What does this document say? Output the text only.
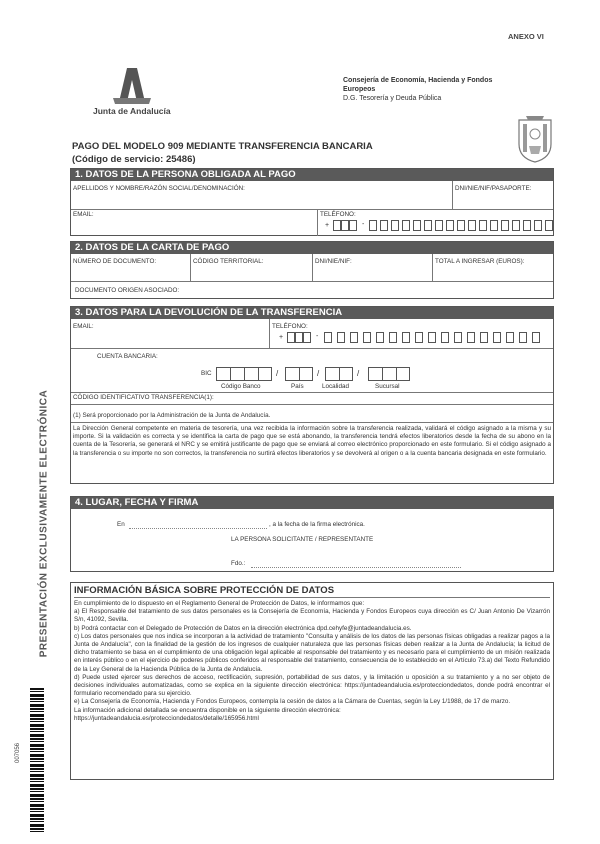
ANEXO VI
Junta de Andalucía
Consejería de Economía, Hacienda y Fondos
Europeos
D.G. Tesorería y Deuda Pública
PAGO DEL MODELO 909 MEDIANTE TRANSFERENCIA BANCARIA
(Código de servicio: 25486)
1. DATOS DE LA PERSONA OBLIGADA AL PAGO
APELLIDOS Y NOMBRE/RAZÓN SOCIAL/DENOMINACIÓN:	DNI/NIE/NIF/PASAPORTE:
EMAIL:	TELÉFONO:
+	-
2. DATOS DE LA CARTA DE PAGO
NÚMERO DE DOCUMENTO:	CÓDIGO TERRITORIAL:	DNI/NIE/NIF:	TOTAL A INGRESAR (EUROS):
DOCUMENTO ORIGEN ASOCIADO:
3. DATOS PARA LA DEVOLUCIÓN DE LA TRANSFERENCIA
EMAIL:	TELÉFONO:
+	-
CUENTA BANCARIA:
BIC	/	/	/
Código Banco	País	Localidad	Sucursal
CÓDIGO IDENTIFICATIVO TRANSFERENCIA(1):
(1) Será proporcionado por la Administración de la Junta de Andalucía.
La Dirección General competente en materia de tesorería, una vez recibida la información sobre la transferencia realizada, validará el código asignado a la misma y su importe. Si la validación es correcta y se identifica la carta de pago que se está abonando, la transferencia tendrá efectos liberatorios desde la fecha de su abono en la cuenta de la Tesorería, se generará el NRC y se emitirá justificante de pago que se enviará al correo electrónico proporcionado en este formulario. Si el código asignado a la transferencia o su importe no son correctos, la transferencia no surtirá efectos liberatorios y se devolverá al origen o a la cuenta bancaria designada en este formulario.
4. LUGAR, FECHA Y FIRMA
En	, a la fecha de la firma electrónica.
LA PERSONA SOLICITANTE / REPRESENTANTE
Fdo.:
INFORMACIÓN BÁSICA SOBRE PROTECCIÓN DE DATOS
En cumplimiento de lo dispuesto en el Reglamento General de Protección de Datos, le informamos que:
a) El Responsable del tratamiento de sus datos personales es la Consejería de Economía, Hacienda y Fondos Europeos cuya dirección es C/ Juan Antonio De Vizarrón S/n, 41092, Sevilla.
b) Podrá contactar con el Delegado de Protección de Datos en la dirección electrónica dpd.cehyfe@juntadeandalucia.es.
c) Los datos personales que nos indica se incorporan a la actividad de tratamiento "Consulta y análisis de los datos de las personas físicas obligadas a realizar pagos a la Junta de Andalucía", con la finalidad de la gestión de los ingresos de cualquier naturaleza que las personas físicas deben realizar a la Junta de Andalucía; la licitud de dicho tratamiento se basa en el cumplimiento de una obligación legal aplicable al responsable del tratamiento y es necesario para el cumplimiento de un misión realizada en interés público o en el ejercicio de poderes públicos conferidos al responsable del tratamiento, consecuencia de lo establecido en el Artículo 73.a) del Texto Refundido de la Ley General de la Hacienda Pública de la Junta de Andalucía.
d) Puede usted ejercer sus derechos de acceso, rectificación, supresión, portabilidad de sus datos, y la limitación u oposición a su tratamiento y a no ser objeto de decisiones individuales automatizadas, como se explica en la siguiente dirección electrónica: https://juntadeandalucia.es/protecciondedatos, donde podrá encontrar el formulario recomendado para su ejercicio.
e) La Consejería de Economía, Hacienda y Fondos Europeos, contempla la cesión de datos a la Cámara de Cuentas, según la Ley 1/1988, de 17 de marzo.
La información adicional detallada se encuentra disponible en la siguiente dirección electrónica:
https://juntadeandalucia.es/protecciondedatos/detalle/165956.html
PRESENTACIÓN EXCLUSIVAMENTE ELECTRÓNICA
007056
